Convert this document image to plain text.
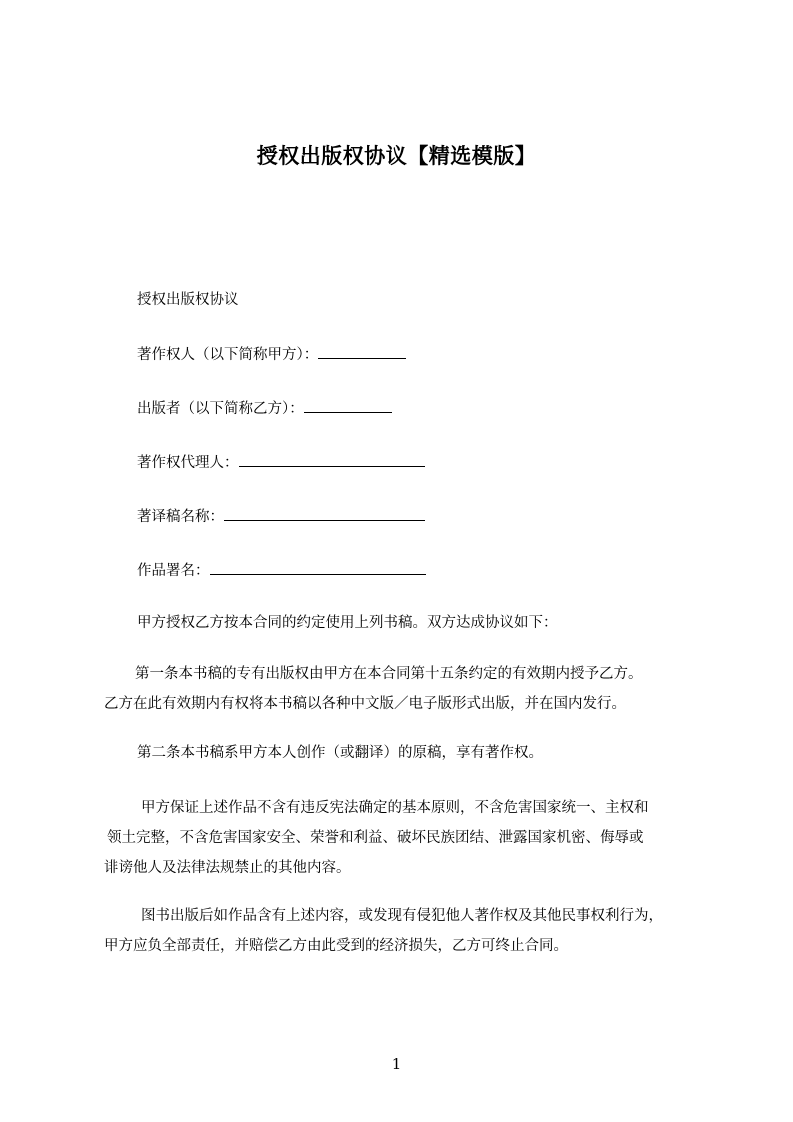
授权出版权协议【精选模版】
授权出版权协议
著作权人（以下简称甲方）：
出版者（以下简称乙方）：
著作权代理人：
著译稿名称：
作品署名：
甲方授权乙方按本合同的约定使用上列书稿。双方达成协议如下：
第一条本书稿的专有出版权由甲方在本合同第十五条约定的有效期内授予乙方。
乙方在此有效期内有权将本书稿以各种中文版／电子版形式出版，并在国内发行。
第二条本书稿系甲方本人创作（或翻译）的原稿，享有著作权。
甲方保证上述作品不含有违反宪法确定的基本原则，不含危害国家统一、主权和
领土完整，不含危害国家安全、荣誉和利益、破坏民族团结、泄露国家机密、侮辱或
诽谤他人及法律法规禁止的其他内容。
图书出版后如作品含有上述内容，或发现有侵犯他人著作权及其他民事权利行为，
甲方应负全部责任，并赔偿乙方由此受到的经济损失，乙方可终止合同。
1
